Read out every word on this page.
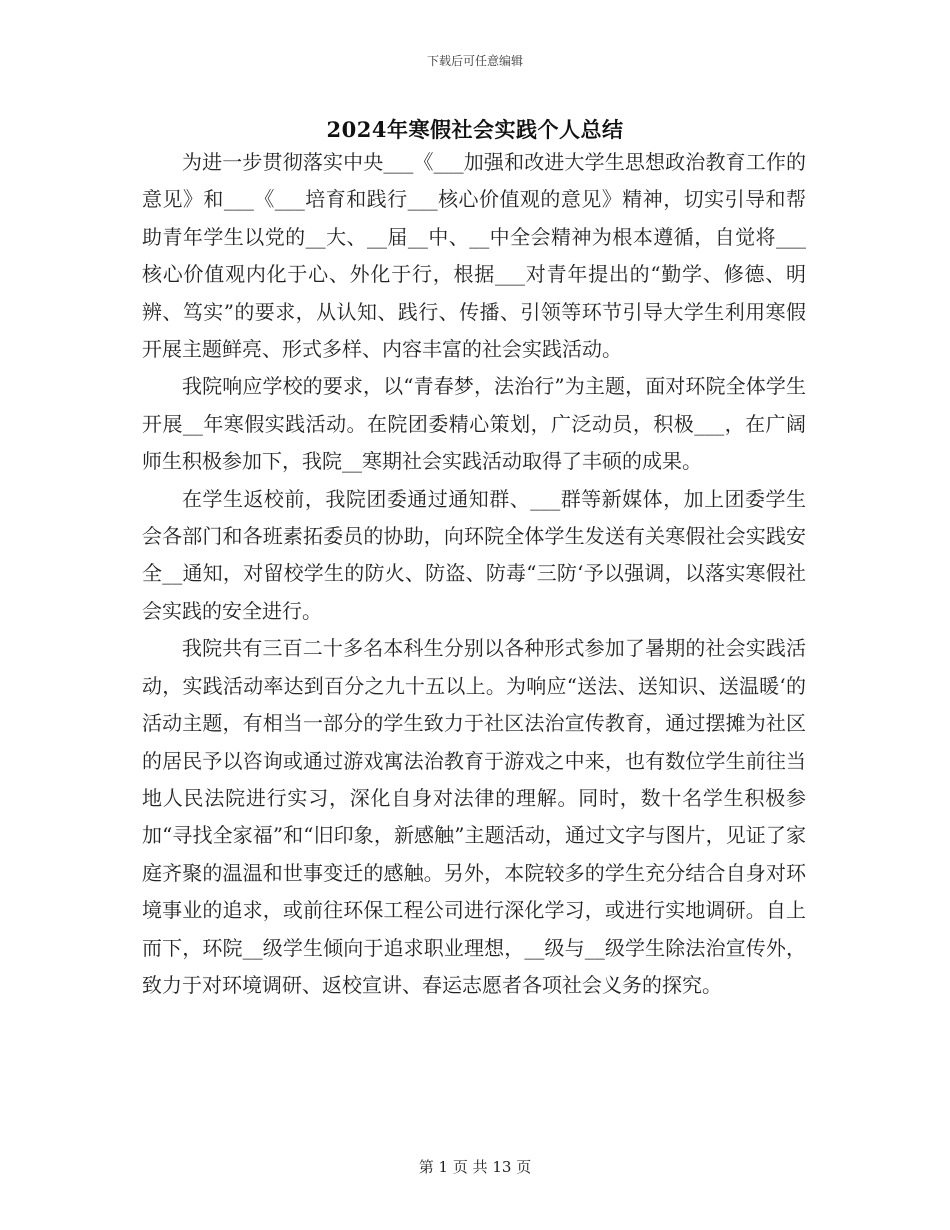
下载后可任意编辑
2024年寒假社会实践个人总结

为进一步贯彻落实中央___《___加强和改进大学生思想政治教育工作的意见》和___《___培育和践行___核心价值观的意见》精神，切实引导和帮助青年学生以党的__大、__届__中、__中全会精神为根本遵循，自觉将___核心价值观内化于心、外化于行，根据___对青年提出的“勤学、修德、明辨、笃实”的要求，从认知、践行、传播、引领等环节引导大学生利用寒假开展主题鲜亮、形式多样、内容丰富的社会实践活动。

我院响应学校的要求，以“青春梦，法治行”为主题，面对环院全体学生开展__年寒假实践活动。在院团委精心策划，广泛动员，积极___，在广阔师生积极参加下，我院__寒期社会实践活动取得了丰硕的成果。

在学生返校前，我院团委通过通知群、___群等新媒体，加上团委学生会各部门和各班素拓委员的协助，向环院全体学生发送有关寒假社会实践安全__通知，对留校学生的防火、防盗、防毒“三防‘予以强调，以落实寒假社会实践的安全进行。

我院共有三百二十多名本科生分别以各种形式参加了暑期的社会实践活动，实践活动率达到百分之九十五以上。为响应“送法、送知识、送温暖‘的活动主题，有相当一部分的学生致力于社区法治宣传教育，通过摆摊为社区的居民予以咨询或通过游戏寓法治教育于游戏之中来，也有数位学生前往当地人民法院进行实习，深化自身对法律的理解。同时，数十名学生积极参加“寻找全家福”和“旧印象，新感触”主题活动，通过文字与图片，见证了家庭齐聚的温温和世事变迁的感触。另外，本院较多的学生充分结合自身对环境事业的追求，或前往环保工程公司进行深化学习，或进行实地调研。自上而下，环院__级学生倾向于追求职业理想，__级与__级学生除法治宣传外，致力于对环境调研、返校宣讲、春运志愿者各项社会义务的探究。

第 1 页 共 13 页
